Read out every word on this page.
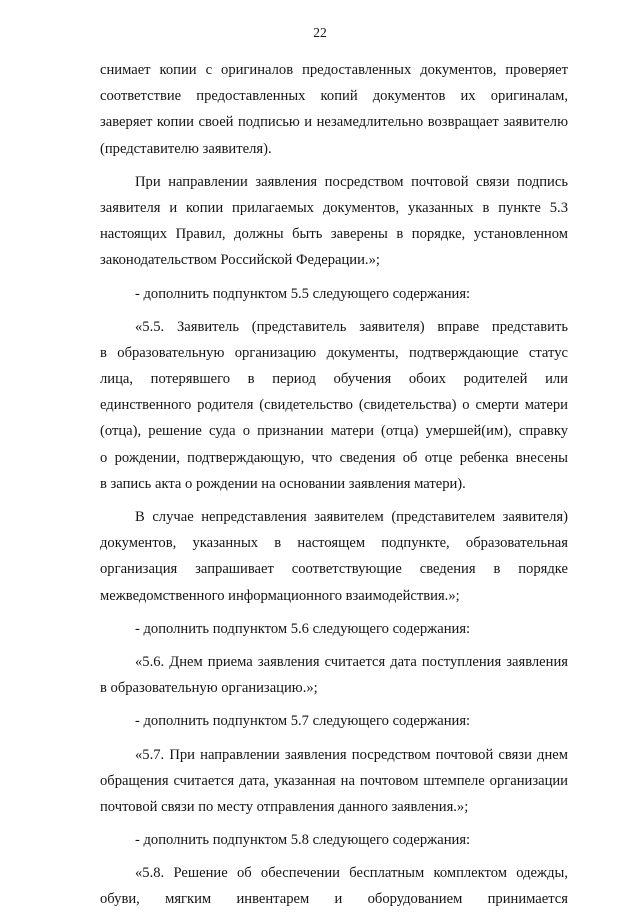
22
снимает копии с оригиналов предоставленных документов, проверяет
соответствие предоставленных копий документов их оригиналам,
заверяет копии своей подписью и незамедлительно возвращает заявителю
(представителю заявителя).
При направлении заявления посредством почтовой связи подпись
заявителя и копии прилагаемых документов, указанных в пункте 5.3
настоящих Правил, должны быть заверены в порядке, установленном
законодательством Российской Федерации.»;
- дополнить подпунктом 5.5 следующего содержания:
«5.5. Заявитель (представитель заявителя) вправе представить
в образовательную организацию документы, подтверждающие статус
лица, потерявшего в период обучения обоих родителей или
единственного родителя (свидетельство (свидетельства) о смерти матери
(отца), решение суда о признании матери (отца) умершей(им), справку
о рождении, подтверждающую, что сведения об отце ребенка внесены
в запись акта о рождении на основании заявления матери).
В случае непредставления заявителем (представителем заявителя)
документов, указанных в настоящем подпункте, образовательная
организация запрашивает соответствующие сведения в порядке
межведомственного информационного взаимодействия.»;
- дополнить подпунктом 5.6 следующего содержания:
«5.6. Днем приема заявления считается дата поступления заявления
в образовательную организацию.»;
- дополнить подпунктом 5.7 следующего содержания:
«5.7. При направлении заявления посредством почтовой связи днем
обращения считается дата, указанная на почтовом штемпеле организации
почтовой связи по месту отправления данного заявления.»;
- дополнить подпунктом 5.8 следующего содержания:
«5.8. Решение об обеспечении бесплатным комплектом одежды,
обуви, мягким инвентарем и оборудованием принимается
